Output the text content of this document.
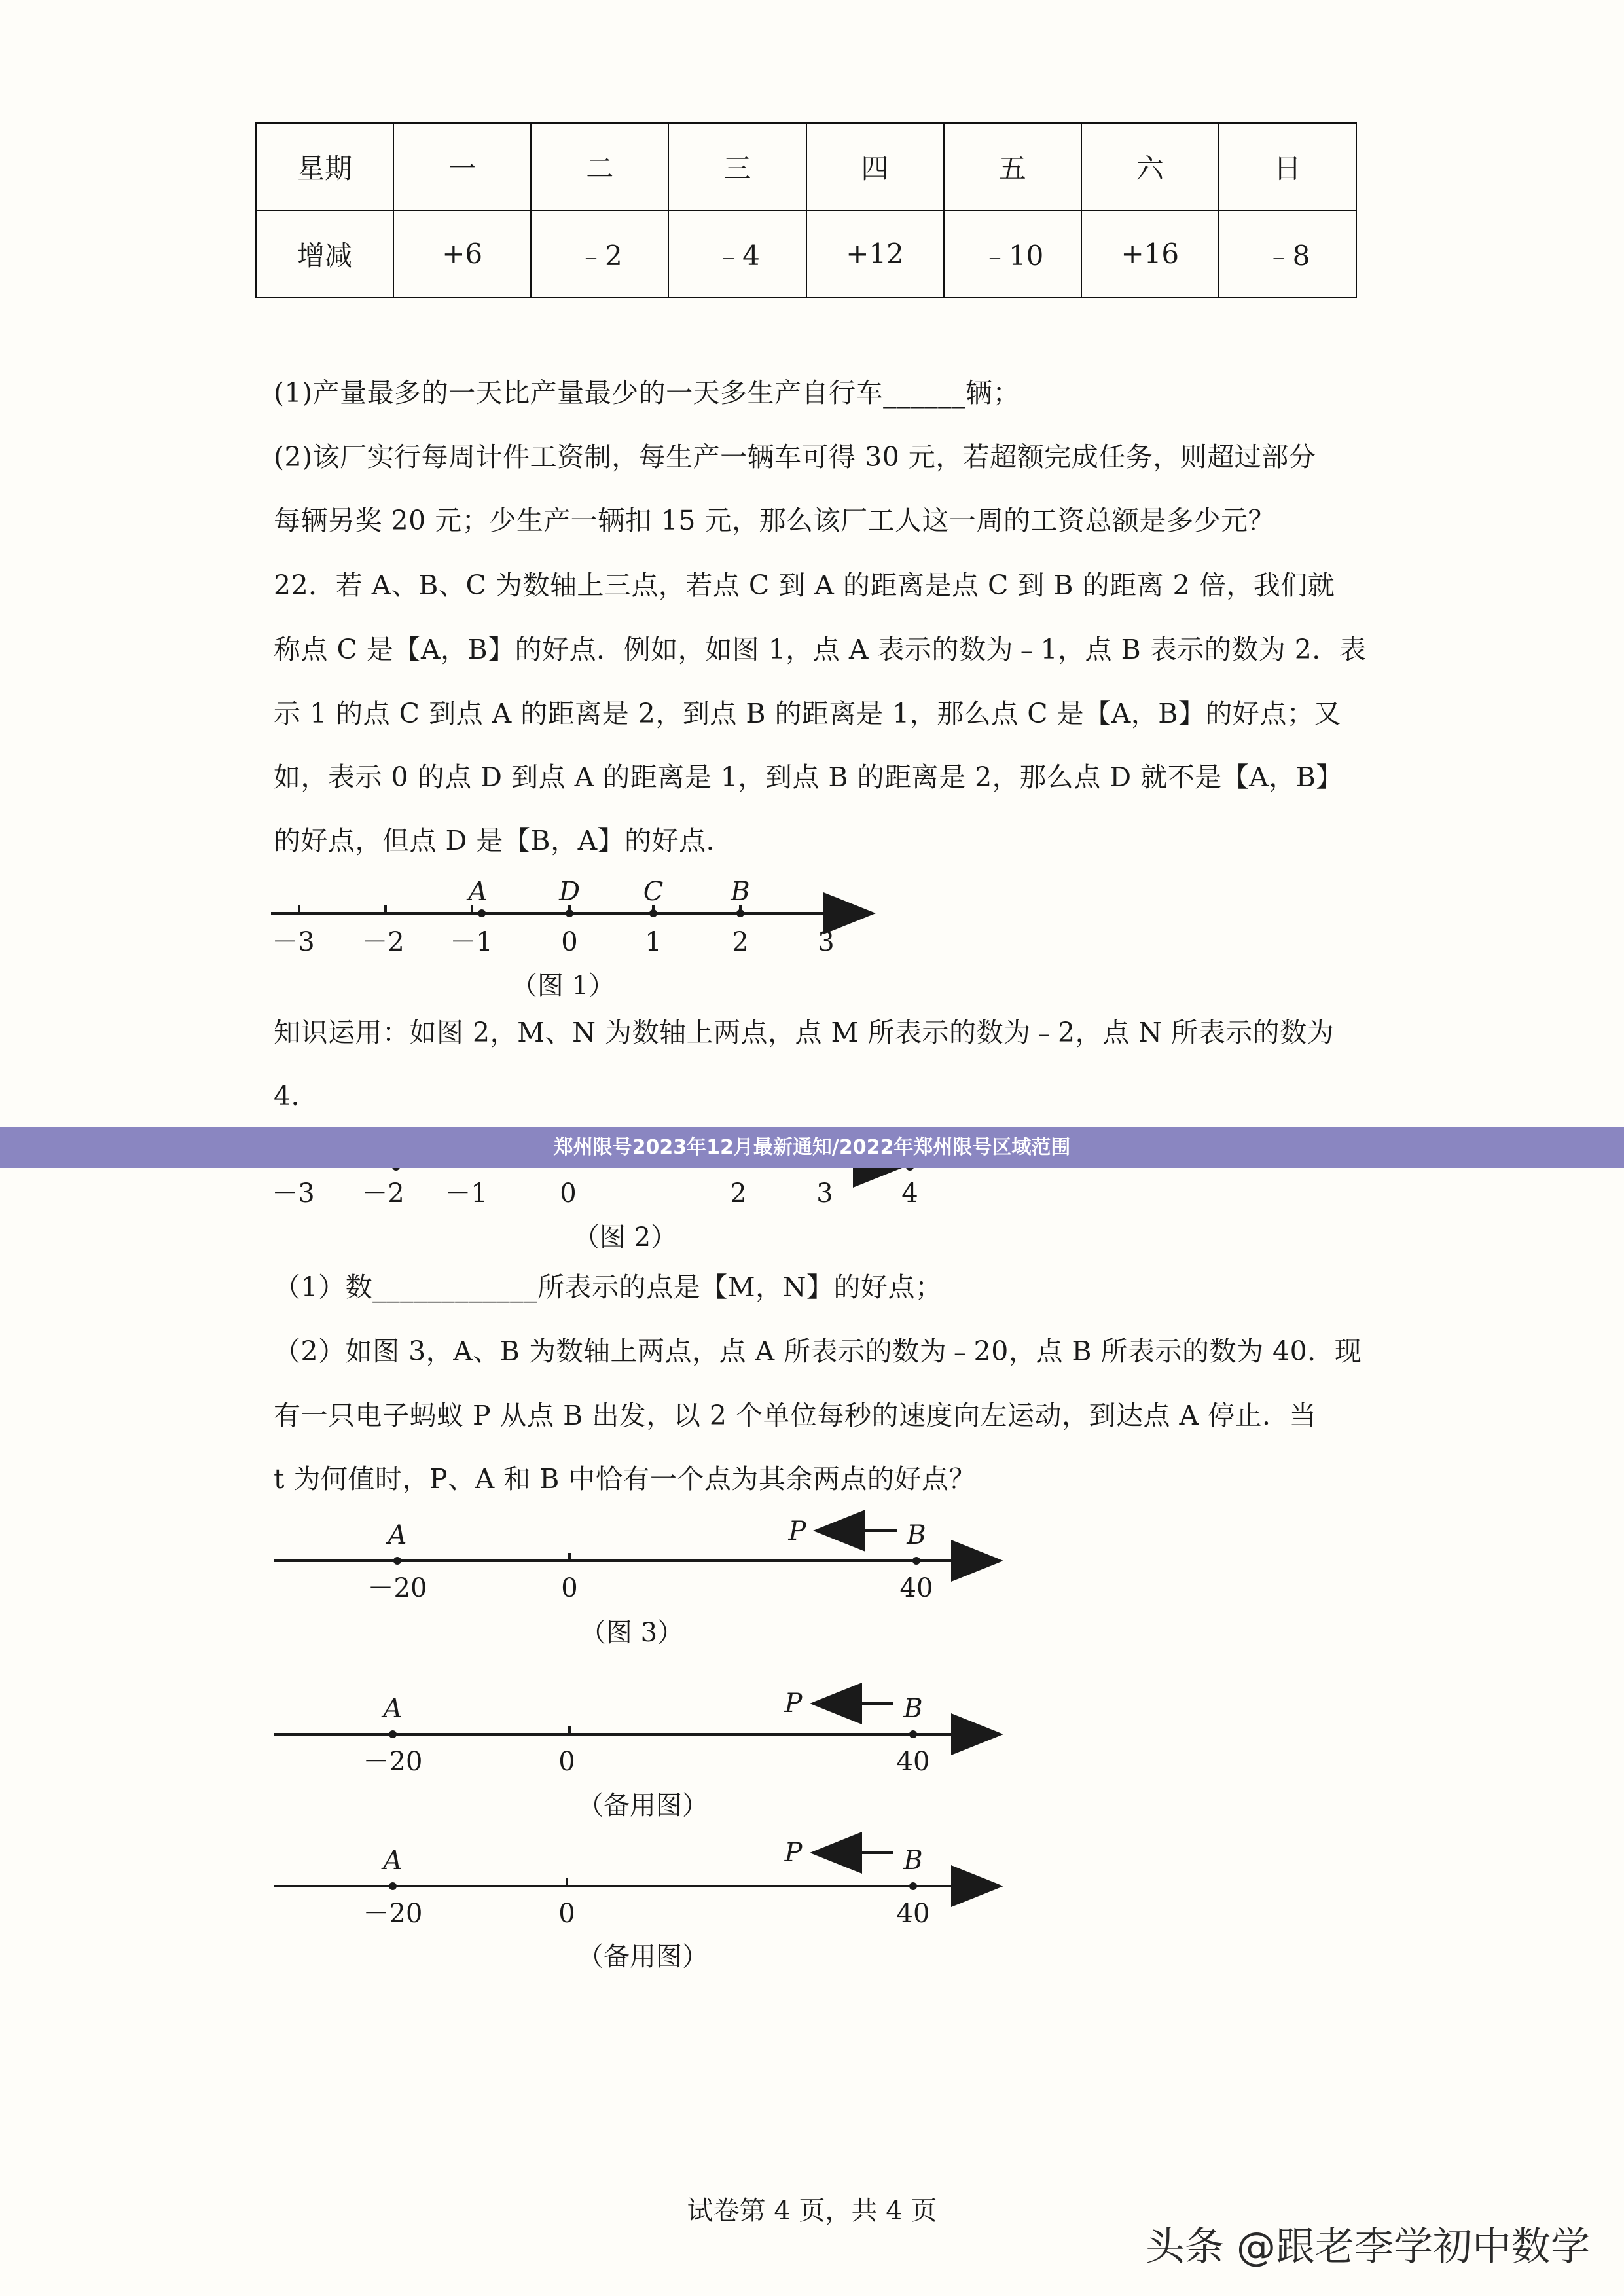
星期	一	二	三	四	五	六	日
增减	+6	﹣2	﹣4	+12	﹣10	+16	﹣8
(1)产量最多的一天比产量最少的一天多生产自行车______辆；
(2)该厂实行每周计件工资制，每生产一辆车可得 30 元，若超额完成任务，则超过部分
每辆另奖 20 元；少生产一辆扣 15 元，那么该厂工人这一周的工资总额是多少元？
22．若 A、B、C 为数轴上三点，若点 C 到 A 的距离是点 C 到 B 的距离 2 倍，我们就
称点 C 是【A，B】的好点．例如，如图 1，点 A 表示的数为﹣1，点 B 表示的数为 2．表
示 1 的点 C 到点 A 的距离是 2，到点 B 的距离是 1，那么点 C 是【A，B】的好点；又
如，表示 0 的点 D 到点 A 的距离是 1，到点 B 的距离是 2，那么点 D 就不是【A，B】
的好点，但点 D 是【B，A】的好点．
知识运用：如图 2，M、N 为数轴上两点，点 M 所表示的数为﹣2，点 N 所表示的数为
4．
（1）数____________所表示的点是【M，N】的好点；
（2）如图 3，A、B 为数轴上两点，点 A 所表示的数为﹣20，点 B 所表示的数为 40．现
有一只电子蚂蚁 P 从点 B 出发，以 2 个单位每秒的速度向左运动，到达点 A 停止．当
t 为何值时，P、A 和 B 中恰有一个点为其余两点的好点？
－3 －2 －1	0	1	2	3
A	D C	B
（图 1）
－3 －2 －1	0	2	3	4
（图 2）
A	P	B
－20	0	40
（图 3）
A	P	B
－20	0	40
（备用图）
A	P	B
－20	0	40
（备用图）
郑州限号2023年12月最新通知/2022年郑州限号区域范围
试卷第 4 页，共 4 页
头条 @跟老李学初中数学
